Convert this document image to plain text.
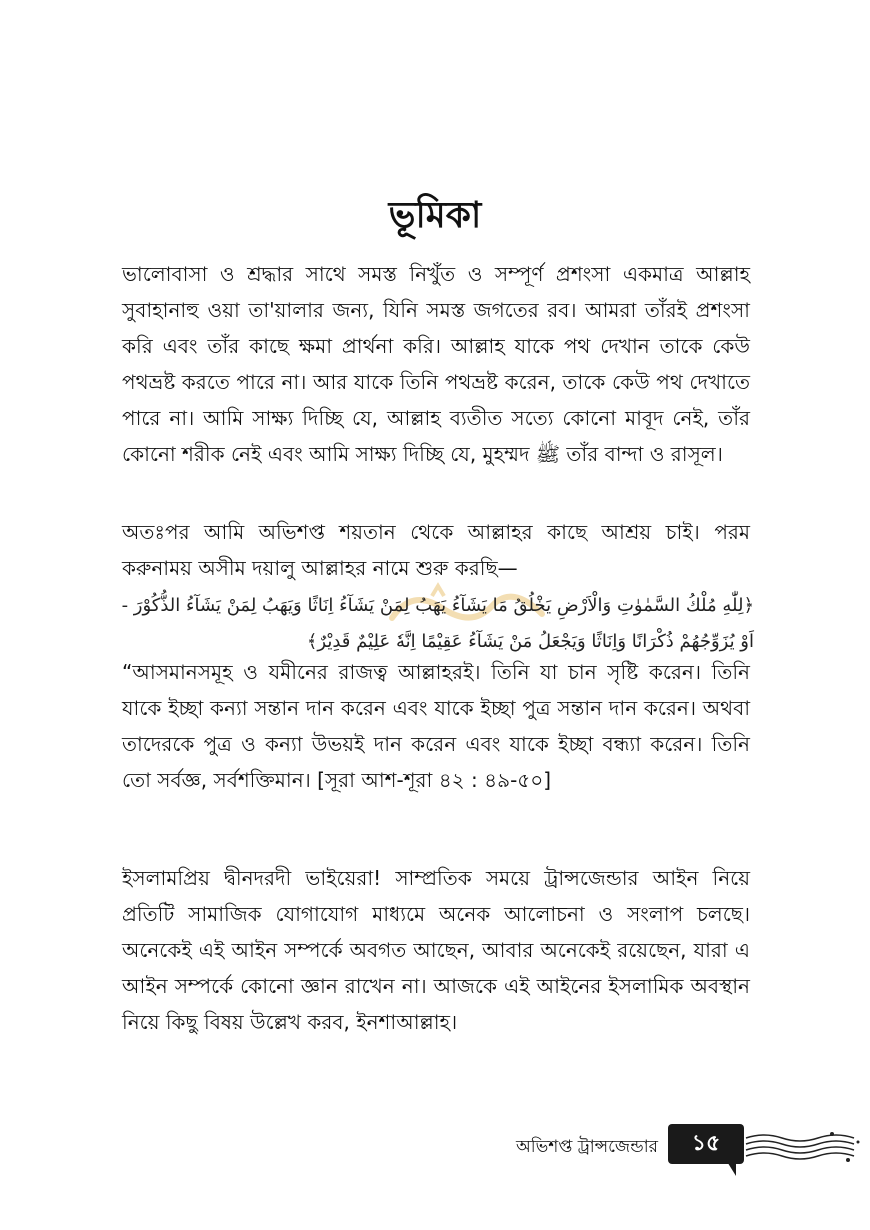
ভূমিকা

ভালোবাসা ও শ্রদ্ধার সাথে সমস্ত নিখুঁত ও সম্পূর্ণ প্রশংসা একমাত্র আল্লাহ সুবাহানাহু ওয়া তা'য়ালার জন্য, যিনি সমস্ত জগতের রব। আমরা তাঁরই প্রশংসা করি এবং তাঁর কাছে ক্ষমা প্রার্থনা করি। আল্লাহ যাকে পথ দেখান তাকে কেউ পথভ্রষ্ট করতে পারে না। আর যাকে তিনি পথভ্রষ্ট করেন, তাকে কেউ পথ দেখাতে পারে না। আমি সাক্ষ্য দিচ্ছি যে, আল্লাহ ব্যতীত সত্যে কোনো মাবূদ নেই, তাঁর কোনো শরীক নেই এবং আমি সাক্ষ্য দিচ্ছি যে, মুহম্মদ ﷺ তাঁর বান্দা ও রাসূল।

অতঃপর আমি অভিশপ্ত শয়তান থেকে আল্লাহর কাছে আশ্রয় চাই। পরম করুনাময় অসীম দয়ালু আল্লাহর নামে শুরু করছি—

﴿لِلّٰهِ مُلْكُ السَّمٰوٰتِ وَالْاَرْضِ يَخْلُقُ مَا يَشَآءُ يَهَبُ لِمَنْ يَشَآءُ اِنَاثًا وَيَهَبُ لِمَنْ يَشَآءُ الذُّكُوْرَ - اَوْ يُزَوِّجُهُمْ ذُكْرَانًا وَاِنَاثًا وَيَجْعَلُ مَنْ يَشَآءُ عَقِيْمًا اِنَّهٗ عَلِيْمٌ قَدِيْرٌ﴾

“আসমানসমূহ ও যমীনের রাজত্ব আল্লাহরই। তিনি যা চান সৃষ্টি করেন। তিনি যাকে ইচ্ছা কন্যা সন্তান দান করেন এবং যাকে ইচ্ছা পুত্র সন্তান দান করেন। অথবা তাদেরকে পুত্র ও কন্যা উভয়ই দান করেন এবং যাকে ইচ্ছা বন্ধ্যা করেন। তিনি তো সর্বজ্ঞ, সর্বশক্তিমান। [সূরা আশ-শূরা ৪২ : ৪৯-৫০]

ইসলামপ্রিয় দ্বীনদরদী ভাইয়েরা! সাম্প্রতিক সময়ে ট্রান্সজেন্ডার আইন নিয়ে প্রতিটি সামাজিক যোগাযোগ মাধ্যমে অনেক আলোচনা ও সংলাপ চলছে। অনেকেই এই আইন সম্পর্কে অবগত আছেন, আবার অনেকেই রয়েছেন, যারা এ আইন সম্পর্কে কোনো জ্ঞান রাখেন না। আজকে এই আইনের ইসলামিক অবস্থান নিয়ে কিছু বিষয় উল্লেখ করব, ইনশাআল্লাহ।

অভিশপ্ত ট্রান্সজেন্ডার	১৫
